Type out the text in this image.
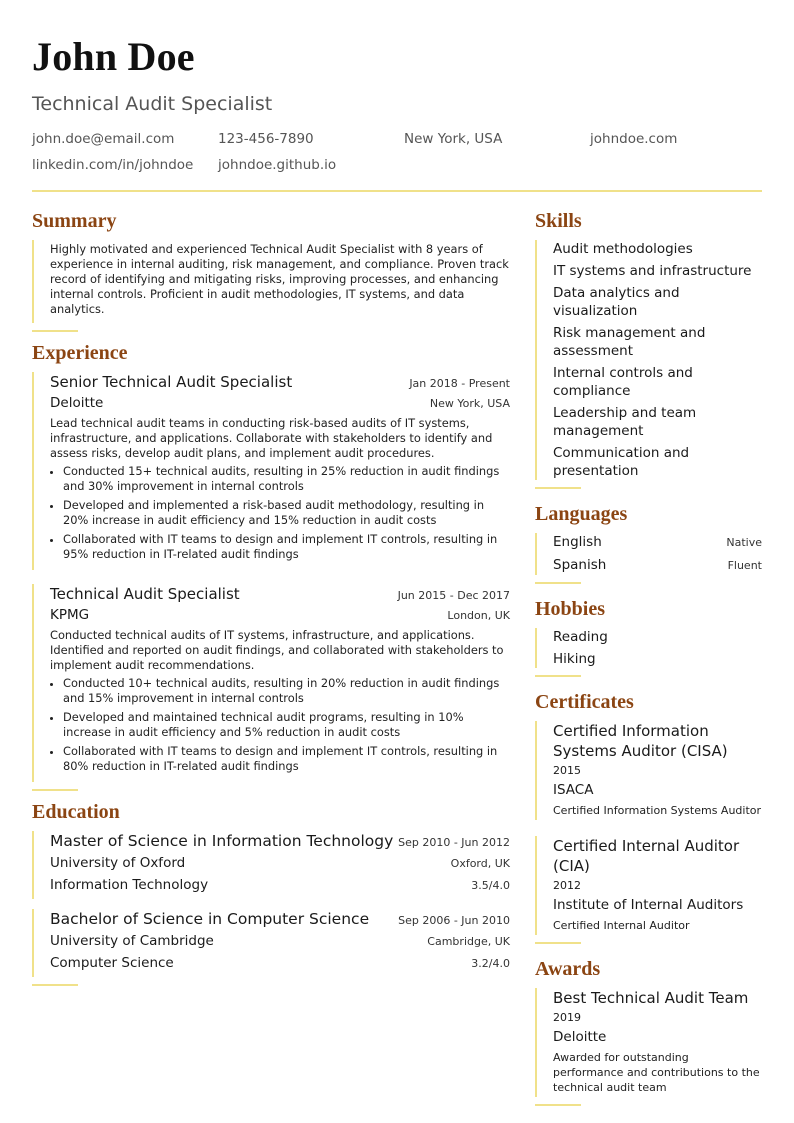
John Doe
Technical Audit Specialist
john.doe@email.com	123-456-7890	New York, USA	johndoe.com
linkedin.com/in/johndoe	johndoe.github.io
Summary
Highly motivated and experienced Technical Audit Specialist with 8 years of experience in internal auditing, risk management, and compliance. Proven track record of identifying and mitigating risks, improving processes, and enhancing internal controls. Proficient in audit methodologies, IT systems, and data analytics.
Experience
Senior Technical Audit Specialist	Jan 2018 - Present
Deloitte	New York, USA
Lead technical audit teams in conducting risk-based audits of IT systems, infrastructure, and applications. Collaborate with stakeholders to identify and assess risks, develop audit plans, and implement audit procedures.
• Conducted 15+ technical audits, resulting in 25% reduction in audit findings and 30% improvement in internal controls
• Developed and implemented a risk-based audit methodology, resulting in 20% increase in audit efficiency and 15% reduction in audit costs
• Collaborated with IT teams to design and implement IT controls, resulting in 95% reduction in IT-related audit findings
Technical Audit Specialist	Jun 2015 - Dec 2017
KPMG	London, UK
Conducted technical audits of IT systems, infrastructure, and applications. Identified and reported on audit findings, and collaborated with stakeholders to implement audit recommendations.
• Conducted 10+ technical audits, resulting in 20% reduction in audit findings and 15% improvement in internal controls
• Developed and maintained technical audit programs, resulting in 10% increase in audit efficiency and 5% reduction in audit costs
• Collaborated with IT teams to design and implement IT controls, resulting in 80% reduction in IT-related audit findings
Education
Master of Science in Information Technology Sep 2010 - Jun 2012
University of Oxford	Oxford, UK
Information Technology	3.5/4.0
Bachelor of Science in Computer Science	Sep 2006 - Jun 2010
University of Cambridge	Cambridge, UK
Computer Science	3.2/4.0
Skills
Audit methodologies
IT systems and infrastructure
Data analytics and visualization
Risk management and assessment
Internal controls and compliance
Leadership and team management
Communication and presentation
Languages
English	Native
Spanish	Fluent
Hobbies
Reading
Hiking
Certificates
Certified Information Systems Auditor (CISA)
2015
ISACA
Certified Information Systems Auditor
Certified Internal Auditor (CIA)
2012
Institute of Internal Auditors
Certified Internal Auditor
Awards
Best Technical Audit Team
2019
Deloitte
Awarded for outstanding performance and contributions to the technical audit team
